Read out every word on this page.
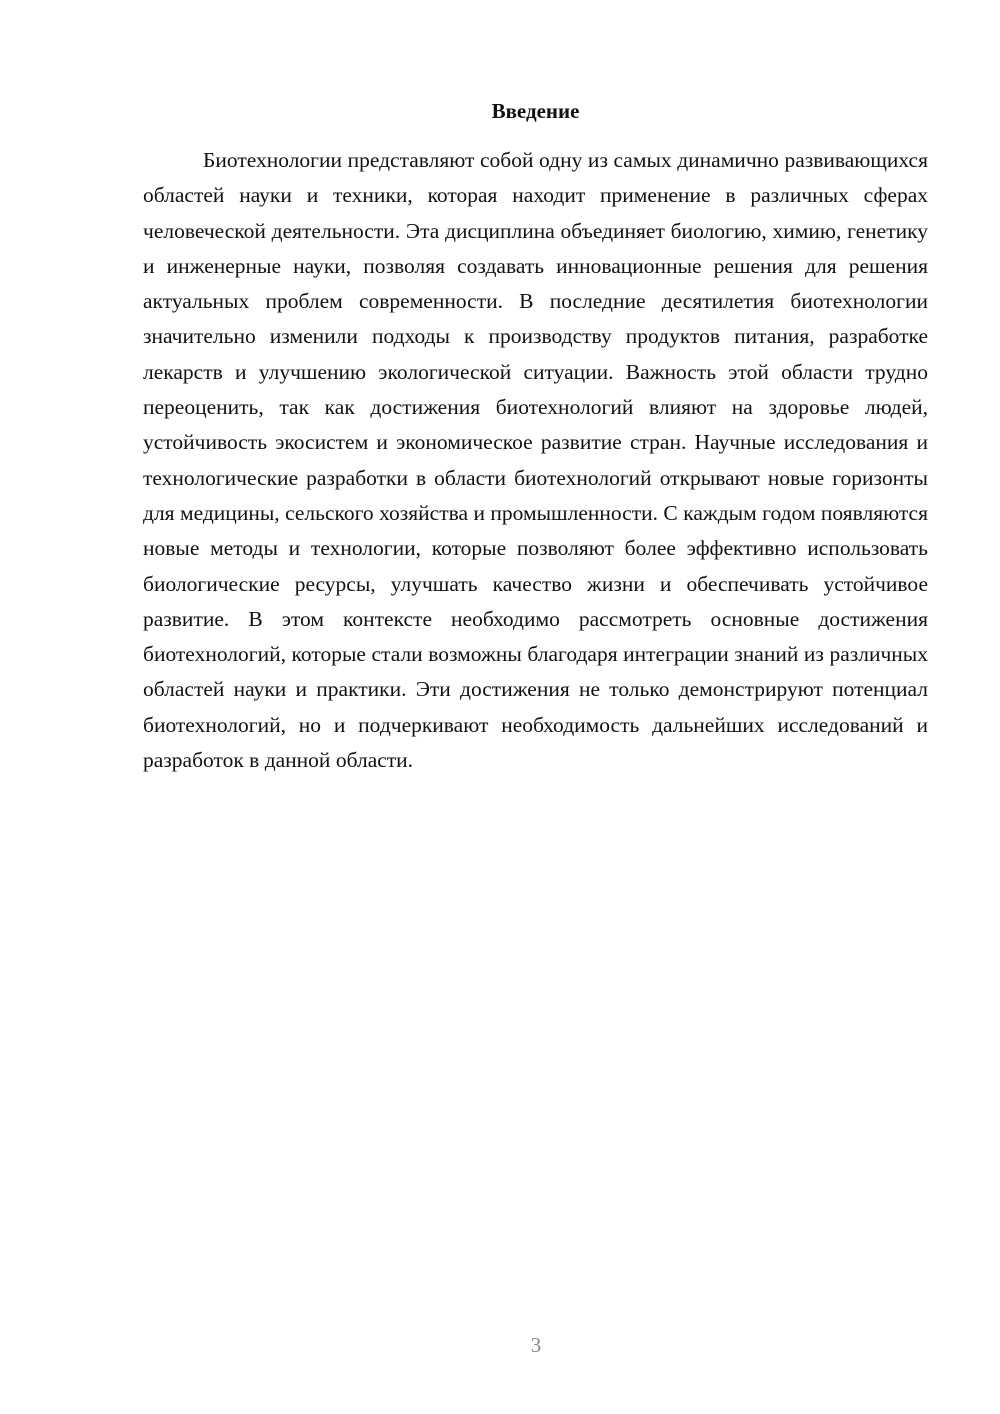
Введение

Биотехнологии представляют собой одну из самых динамично развивающихся областей науки и техники, которая находит применение в различных сферах человеческой деятельности. Эта дисциплина объединяет биологию, химию, генетику и инженерные науки, позволяя создавать инновационные решения для решения актуальных проблем современности. В последние десятилетия биотехнологии значительно изменили подходы к производству продуктов питания, разработке лекарств и улучшению экологической ситуации. Важность этой области трудно переоценить, так как достижения биотехнологий влияют на здоровье людей, устойчивость экосистем и экономическое развитие стран. Научные исследования и технологические разработки в области биотехнологий открывают новые горизонты для медицины, сельского хозяйства и промышленности. С каждым годом появляются новые методы и технологии, которые позволяют более эффективно использовать биологические ресурсы, улучшать качество жизни и обеспечивать устойчивое развитие. В этом контексте необходимо рассмотреть основные достижения биотехнологий, которые стали возможны благодаря интеграции знаний из различных областей науки и практики. Эти достижения не только демонстрируют потенциал биотехнологий, но и подчеркивают необходимость дальнейших исследований и разработок в данной области.

3
